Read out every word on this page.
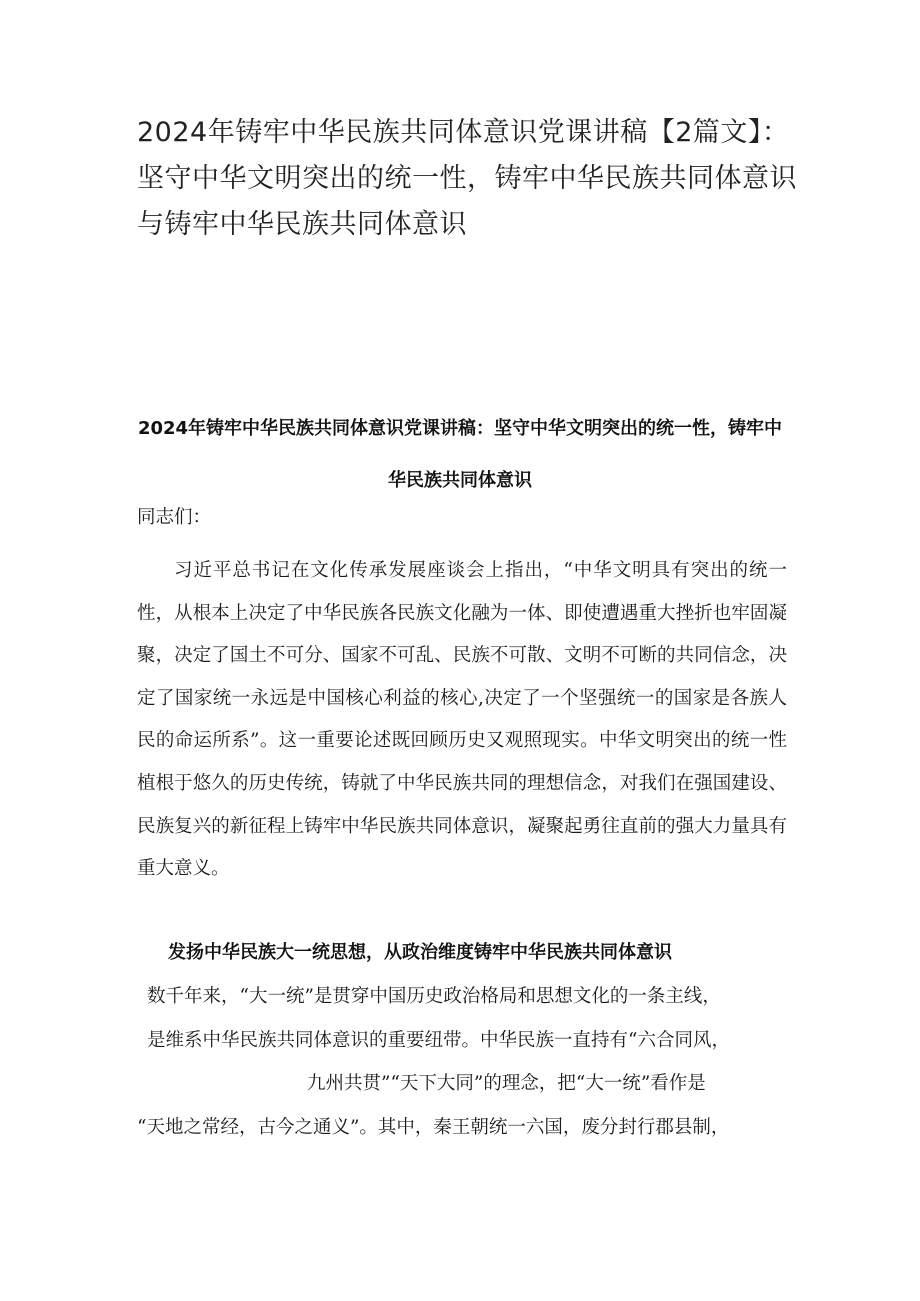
2024年铸牢中华民族共同体意识党课讲稿【2篇文】：坚守中华文明突出的统一性，铸牢中华民族共同体意识与铸牢中华民族共同体意识
2024年铸牢中华民族共同体意识党课讲稿：坚守中华文明突出的统一性，铸牢中华民族共同体意识

同志们：

习近平总书记在文化传承发展座谈会上指出，“中华文明具有突出的统一性，从根本上决定了中华民族各民族文化融为一体、即使遭遇重大挫折也牢固凝聚，决定了国土不可分、国家不可乱、民族不可散、文明不可断的共同信念，决定了国家统一永远是中国核心利益的核心,决定了一个坚强统一的国家是各族人民的命运所系”。这一重要论述既回顾历史又观照现实。中华文明突出的统一性植根于悠久的历史传统，铸就了中华民族共同的理想信念，对我们在强国建设、民族复兴的新征程上铸牢中华民族共同体意识，凝聚起勇往直前的强大力量具有重大意义。

发扬中华民族大一统思想，从政治维度铸牢中华民族共同体意识
数千年来，“大一统”是贯穿中国历史政治格局和思想文化的一条主线，
是维系中华民族共同体意识的重要纽带。中华民族一直持有“六合同风，
九州共贯”“天下大同”的理念，把“大一统”看作是
“天地之常经，古今之通义”。其中，秦王朝统一六国，废分封行郡县制，
